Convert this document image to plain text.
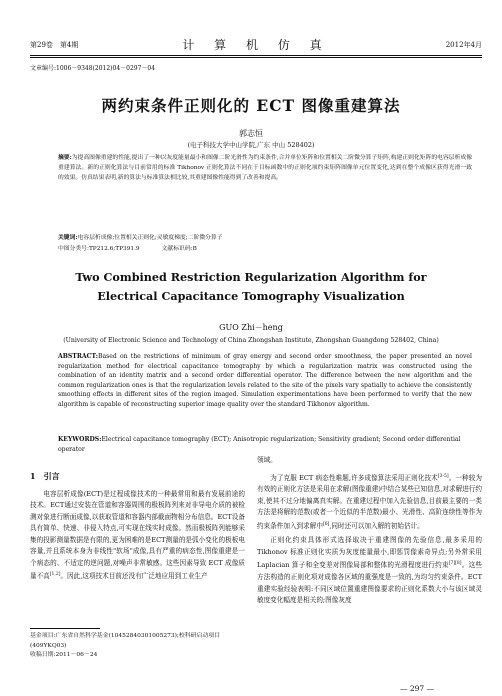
第29卷　第4期	计 算 机 仿 真	2012年4月
文章编号:1006－9348(2012)04－0297－04
两约束条件正则化的 ECT 图像重建算法
郭志恒
(电子科技大学中山学院,广东 中山 528402)
摘要:为提高图像重建的性能,提出了一种以灰度能量最小和图像二阶光滑性为约束条件,合并单位矩阵和位置相关二阶微分算子矩阵,构建正则化矩阵的电容层析成像重建算法。新的正则化算法与目前常用的标准 Tikhonov 正则化算法不同在于目标函数中的正则化项约束矩阵图像单元位置变化,达到在整个成像区获得光滑一致的效果。仿真结果表明,新的算法与标准算法相比较,其重建图像性能得到了改善和提高。
关键词:电容层析成像;位置相关正则化;灵敏度梯度;二阶微分算子
中图分类号:TP212.6;TP391.9	文献标识码:B
Two Combined Restriction Regularization Algorithm for
Electrical Capacitance Tomography Visualization
GUO Zhi－heng
(University of Electronic Science and Technology of China Zhongshan Institute, Zhongshan Guangdong 528402, China)
ABSTRACT:Based on the restrictions of minimum of gray energy and second order smoothness, the paper presented an novel regularization method for electrical capacitance tomography by which a regularization matrix was constructed using the combination of an identity matrix and a second order differential operator. The difference between the new algorithm and the common regularization ones is that the regularization levels related to the site of the pixels vary spatially to achieve the consistently smoothing effects in different sites of the region imaged. Simulation experimentations have been performed to verify that the new algorithm is capable of reconstructing superior image quality over the standard Tikhonov algorithm.
KEYWORDS:Electrical capacitance tomography (ECT); Anisotropic regularization; Sensitivity gradient; Second order differential operator
1　引言

电容层析成像(ECT)是过程成像技术的一种最常用和最有发展前途的技术。ECT通过安装在管道和容器周围的极板阵列来对非导电介质的被检测对象进行断面成像,以获取管道和容器内部截面物相分布信息。ECT设备具有简单、快速、非侵入特点,可实现在线实时成像。然而极板阵列能够采集的投影测量数据是有限的,更为困难的是ECT测量的是弧小变化的极板电容量,并且系统本身为非线性"软场"成像,具有严重的病态性,图像重建是一个病态的、不适定的逆问题,对噪声非常敏感。这些因素导致 ECT 成像质量不高[1,2]。因此,这项技术目前还没有广泛地应用到工业生产

基金项目:广东省自然科学基金(10452840301005273);校科研启动项目(409YKQ03)
收稿日期:2011－06－24

领域。

为了克服 ECT 病态性难题,许多成像算法采用正则化技术[3-5]。一种较为有效的正则化方法是采用在求解(图像重建)中结合某些已知信息,对求解进行约束,使其不过分地偏离真实解。在重建过程中加入先验信息,目前最主要的一类方法是将解的范数(或者一个近似的半范数)最小、光滑性、高阶连续性等作为约束条件加入到求解中[6],同时还可以加入解的初始估计。

正则化约束具体形式选择取决于重建图像的先验信息,最多采用的 Tikhonov 标准正则化实质为灰度能量最小,即惩罚像素奇异点;另外常采用 Laplacian 算子和全变差对图像局部和整体的光滑程度进行约束[7][8]。这些方法构造的正则化项对成像各区域的重强度是一致的,为均匀约束条件。ECT 重建实验经验表明:不同区域位置重建图像要求的正则化系数大小与该区域灵敏度变化幅度是相关的;图像灰度

— 297 —
